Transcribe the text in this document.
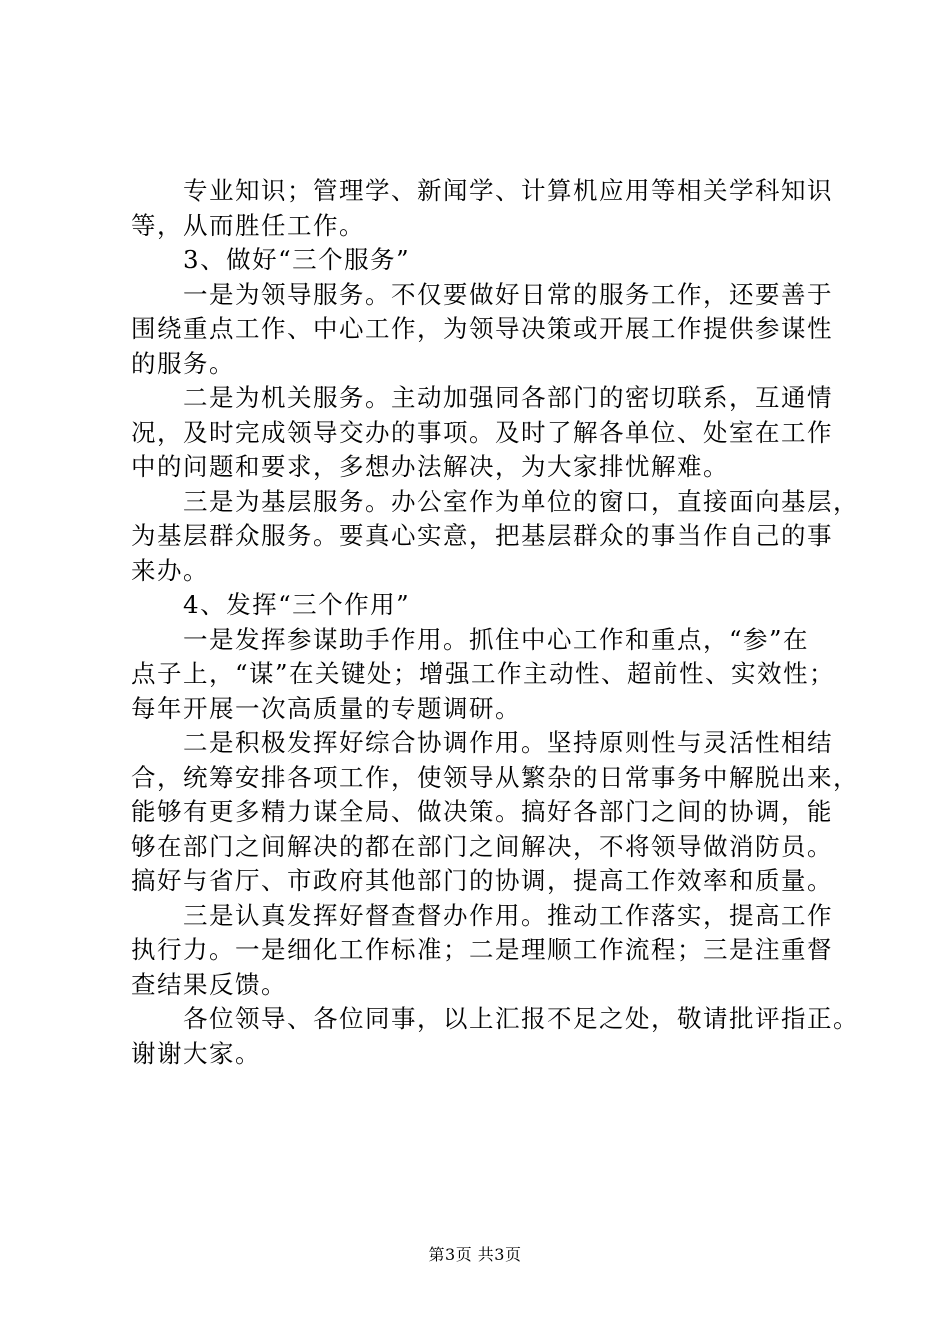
专业知识；管理学、新闻学、计算机应用等相关学科知识
等，从而胜任工作。
3、做好“三个服务”
一是为领导服务。不仅要做好日常的服务工作，还要善于
围绕重点工作、中心工作，为领导决策或开展工作提供参谋性
的服务。
二是为机关服务。主动加强同各部门的密切联系，互通情
况，及时完成领导交办的事项。及时了解各单位、处室在工作
中的问题和要求，多想办法解决，为大家排忧解难。
三是为基层服务。办公室作为单位的窗口，直接面向基层，
为基层群众服务。要真心实意，把基层群众的事当作自己的事
来办。
4、发挥“三个作用”
一是发挥参谋助手作用。抓住中心工作和重点，“参”在
点子上，“谋”在关键处；增强工作主动性、超前性、实效性；
每年开展一次高质量的专题调研。
二是积极发挥好综合协调作用。坚持原则性与灵活性相结
合，统筹安排各项工作，使领导从繁杂的日常事务中解脱出来，
能够有更多精力谋全局、做决策。搞好各部门之间的协调，能
够在部门之间解决的都在部门之间解决，不将领导做消防员。
搞好与省厅、市政府其他部门的协调，提高工作效率和质量。
三是认真发挥好督查督办作用。推动工作落实，提高工作
执行力。一是细化工作标准；二是理顺工作流程；三是注重督
查结果反馈。
各位领导、各位同事，以上汇报不足之处，敬请批评指正。
谢谢大家。
第3页 共3页
